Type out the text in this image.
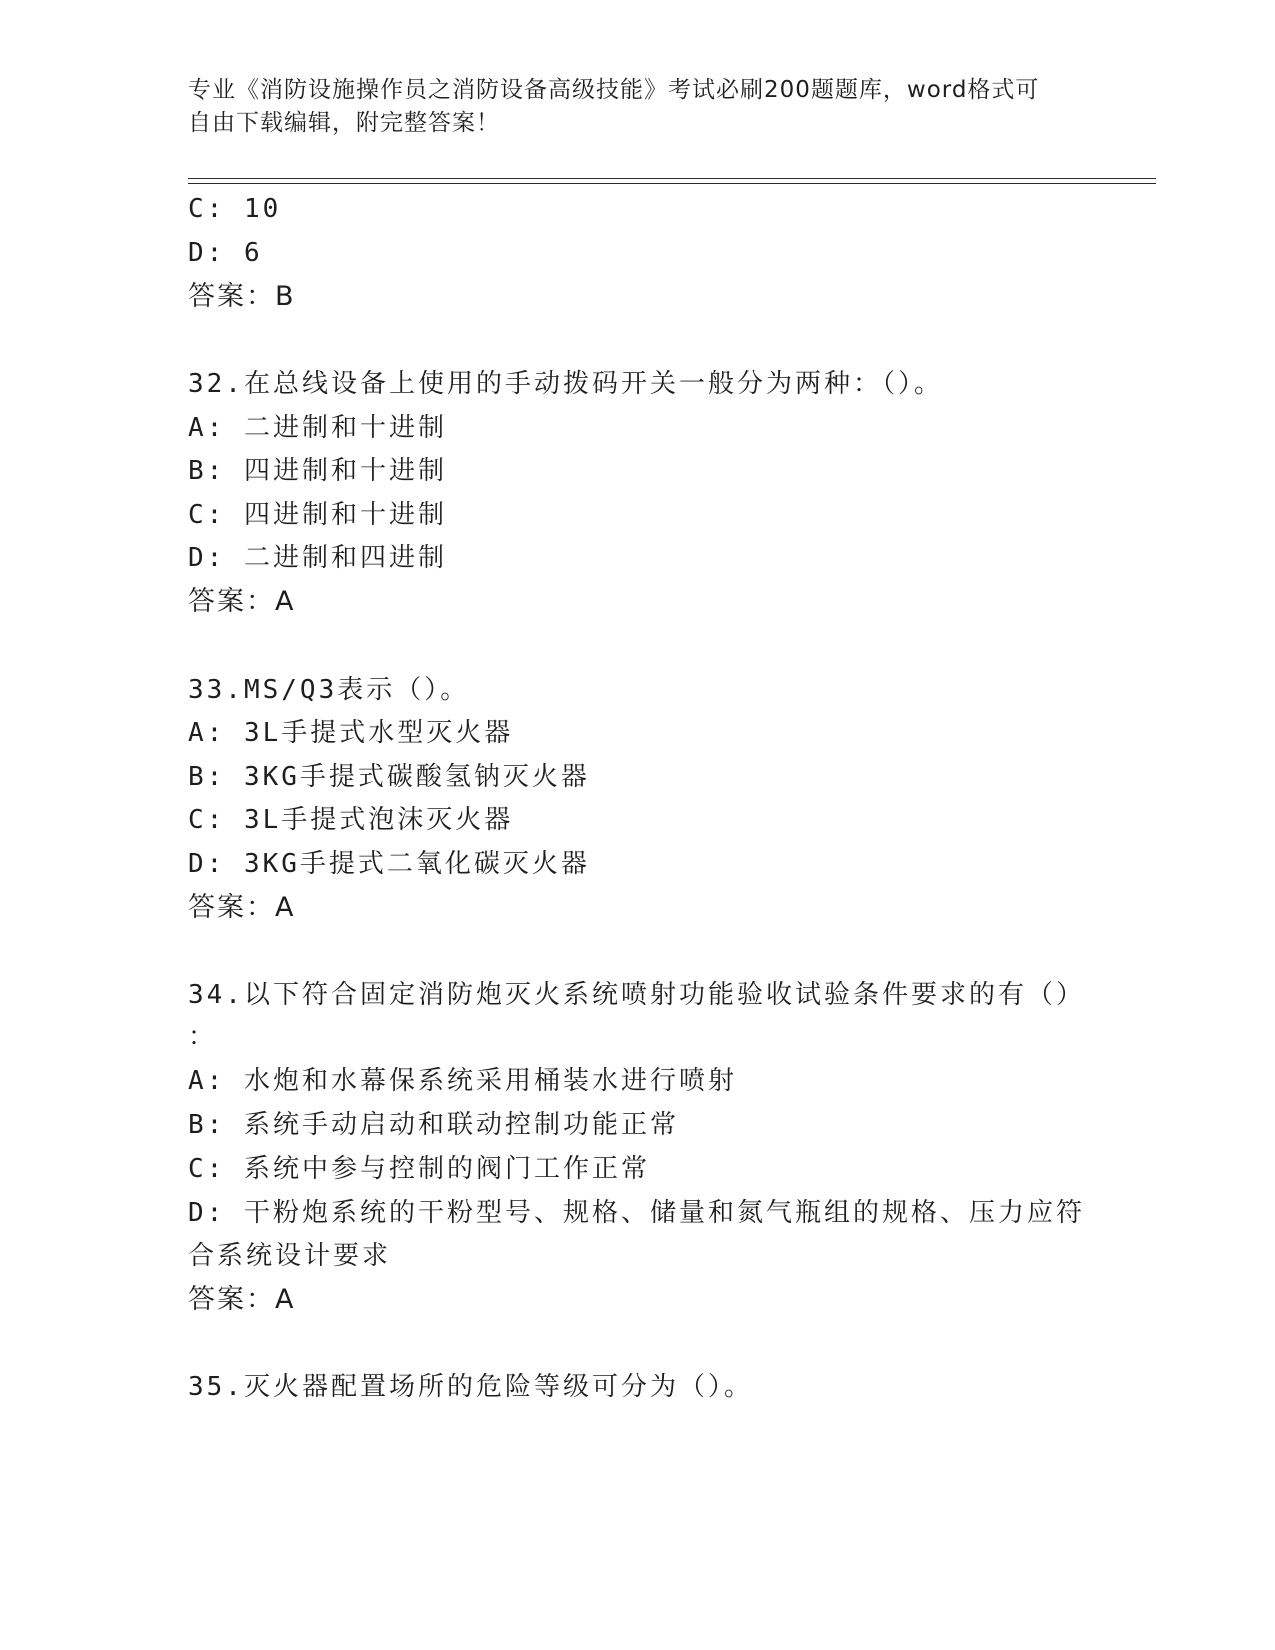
专业《消防设施操作员之消防设备高级技能》考试必刷200题题库，word格式可
自由下载编辑，附完整答案！
C: 10
D: 6
答案：B
32.在总线设备上使用的手动拨码开关一般分为两种：（）。
A: 二进制和十进制
B: 四进制和十进制
C: 四进制和十进制
D: 二进制和四进制
答案：A
33.MS/Q3表示（）。
A: 3L手提式水型灭火器
B: 3KG手提式碳酸氢钠灭火器
C: 3L手提式泡沫灭火器
D: 3KG手提式二氧化碳灭火器
答案：A
34.以下符合固定消防炮灭火系统喷射功能验收试验条件要求的有（）
：
A: 水炮和水幕保系统采用桶装水进行喷射
B: 系统手动启动和联动控制功能正常
C: 系统中参与控制的阀门工作正常
D: 干粉炮系统的干粉型号、规格、储量和氮气瓶组的规格、压力应符
合系统设计要求
答案：A
35.灭火器配置场所的危险等级可分为（）。
